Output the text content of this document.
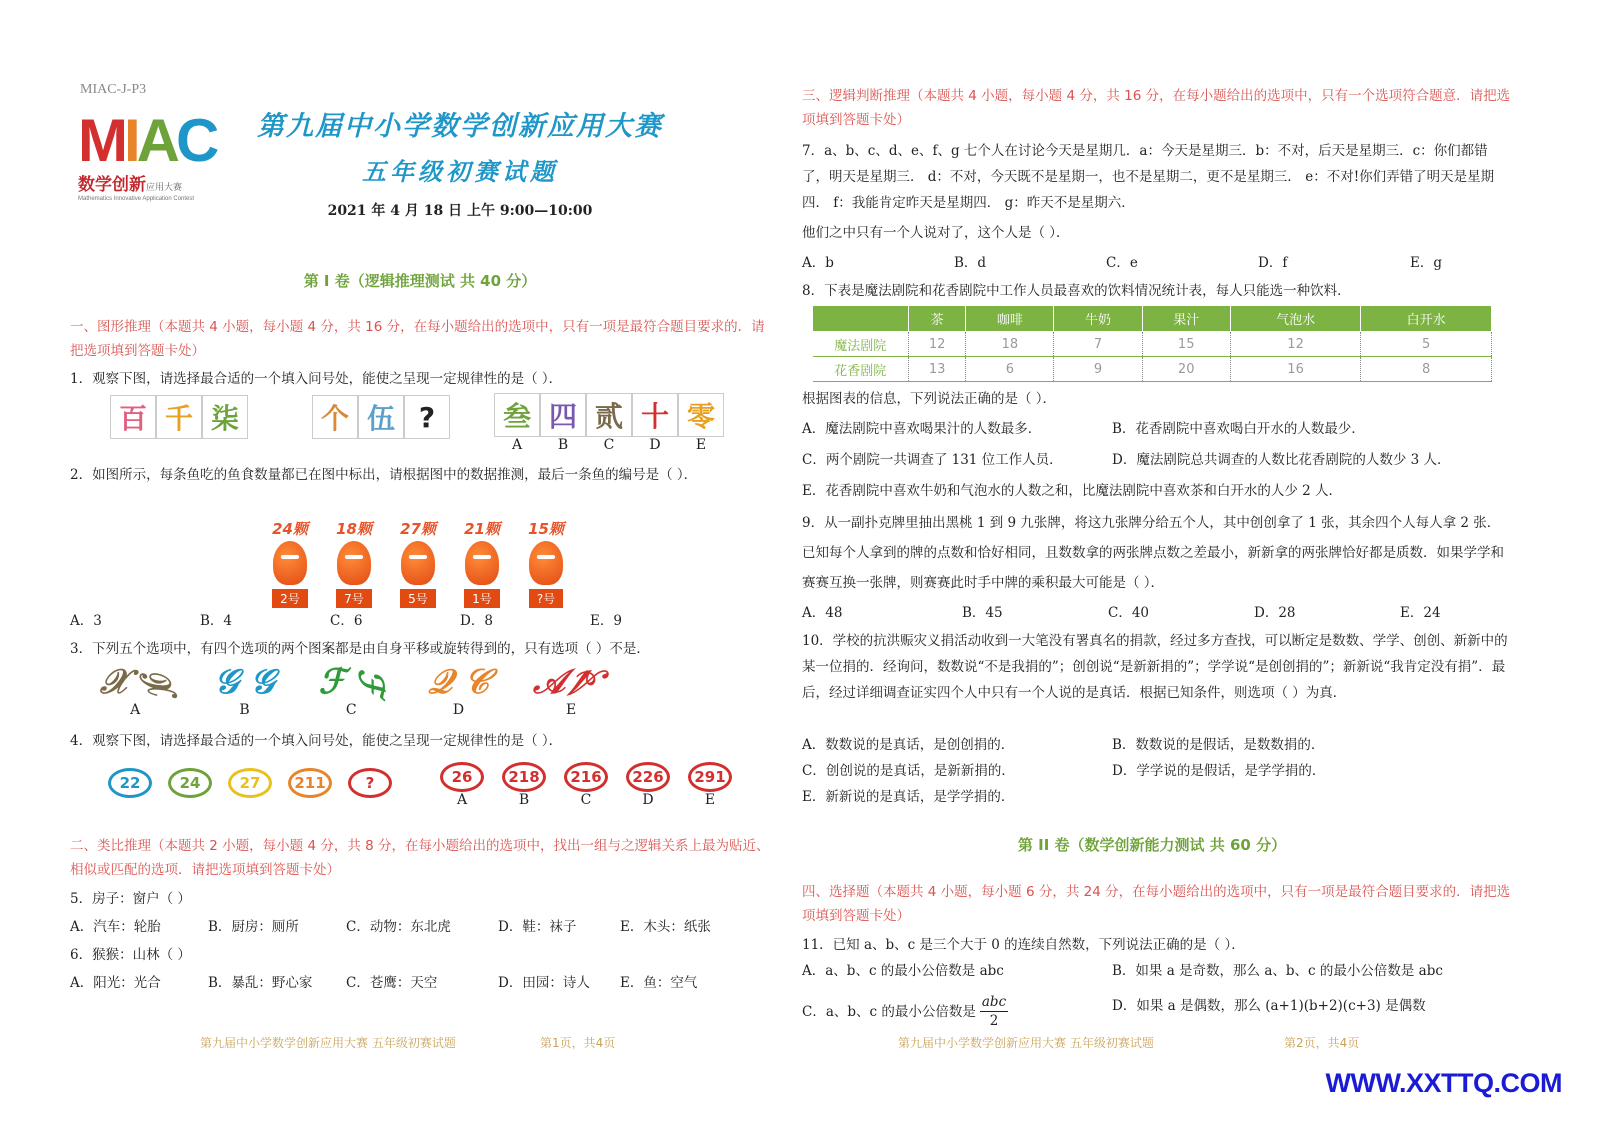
MIAC-J-P3
MIAC
数学创新应用大赛
Mathematics Innovative Application Contest
第九届中小学数学创新应用大赛
五年级初赛试题
2021 年 4 月 18 日 上午 9:00—10:00
第 I 卷（逻辑推理测试 共 40 分）
一、图形推理（本题共 4 小题，每小题 4 分，共 16 分，在每小题给出的选项中，只有一项是最符合题目要求的．请把选项填到答题卡处）
1．观察下图，请选择最合适的一个填入问号处，能使之呈现一定规律性的是（ ）．
百 千 柒	个 伍 ?	叁
A
四
B
贰
C
十
D
零
E
2．如图所示，每条鱼吃的鱼食数量都已在图中标出，请根据图中的数据推测，最后一条鱼的编号是（ ）．
24颗
2号
18颗
7号
27颗
5号
21颗
1号
15颗
?号
A．3	B．4	C．6	D．8	E．9
3．下列五个选项中，有四个选项的两个图案都是由自身平移或旋转得到的，只有选项（ ）不是．
𝒳 𝒳
A
𝒢 𝒢
B
ℱ ℱ
C
𝒬 𝒞
D
𝒜 𝒜
E
4．观察下图，请选择最合适的一个填入问号处，能使之呈现一定规律性的是（ ）．
22	24	27	211	?	26
A
218
B
216
C
226
D
291
E
二、类比推理（本题共 2 小题，每小题 4 分，共 8 分，在每小题给出的选项中，找出一组与之逻辑关系上最为贴近、相似或匹配的选项．请把选项填到答题卡处）
5．房子：窗户（ ）
A．汽车：轮胎	B．厨房：厕所	C．动物：东北虎	D．鞋：袜子	E．木头：纸张
6．猴猴：山林（ ）
A．阳光：光合	B．暴乱：野心家	C．苍鹰：天空	D．田园：诗人	E．鱼：空气
第九届中小学数学创新应用大赛 五年级初赛试题	第1页，共4页
三、逻辑判断推理（本题共 4 小题，每小题 4 分，共 16 分，在每小题给出的选项中，只有一个选项符合题意．请把选项填到答题卡处）
7．a、b、c、d、e、f、g 七个人在讨论今天是星期几．a：今天是星期三．b：不对，后天是星期三．c：你们都错了，明天是星期三． d：不对，今天既不是星期一，也不是星期二，更不是星期三． e：不对!你们弄错了明天是星期四． f：我能肯定昨天是星期四． g：昨天不是星期六．
他们之中只有一个人说对了，这个人是（ ）．
A．b	B．d	C．e	D．f	E．g
8．下表是魔法剧院和花香剧院中工作人员最喜欢的饮料情况统计表，每人只能选一种饮料．
	茶	咖啡	牛奶	果汁	气泡水	白开水
魔法剧院	12	18	7	15	12	5
花香剧院	13	6	9	20	16	8
根据图表的信息，下列说法正确的是（ ）．
A．魔法剧院中喜欢喝果汁的人数最多．	B．花香剧院中喜欢喝白开水的人数最少．
C．两个剧院一共调查了 131 位工作人员．	D．魔法剧院总共调查的人数比花香剧院的人数少 3 人．
E．花香剧院中喜欢牛奶和气泡水的人数之和，比魔法剧院中喜欢茶和白开水的人少 2 人．
9．从一副扑克牌里抽出黑桃 1 到 9 九张牌，将这九张牌分给五个人，其中创创拿了 1 张，其余四个人每人拿 2 张．已知每个人拿到的牌的点数和恰好相同，且数数拿的两张牌点数之差最小，新新拿的两张牌恰好都是质数．如果学学和赛赛互换一张牌，则赛赛此时手中牌的乘积最大可能是（ ）．
A．48	B．45	C．40	D．28	E．24
10．学校的抗洪赈灾义捐活动收到一大笔没有署真名的捐款，经过多方查找，可以断定是数数、学学、创创、新新中的某一位捐的．经询问，数数说“不是我捐的”；创创说“是新新捐的”；学学说“是创创捐的”；新新说“我肯定没有捐”．最后，经过详细调查证实四个人中只有一个人说的是真话．根据已知条件，则选项（ ）为真．
A．数数说的是真话，是创创捐的．	B．数数说的是假话，是数数捐的．
C．创创说的是真话，是新新捐的．	D．学学说的是假话，是学学捐的．
E．新新说的是真话，是学学捐的．
第 II 卷（数学创新能力测试 共 60 分）
四、选择题（本题共 4 小题，每小题 6 分，共 24 分，在每小题给出的选项中，只有一项是最符合题目要求的．请把选项填到答题卡处）
11．已知 a、b、c 是三个大于 0 的连续自然数，下列说法正确的是（ ）．
A．a、b、c 的最小公倍数是 abc	B．如果 a 是奇数，那么 a、b、c 的最小公倍数是 abc
C．a、b、c 的最小公倍数是
abc
2
D．如果 a 是偶数，那么 (a+1)(b+2)(c+3) 是偶数
第九届中小学数学创新应用大赛 五年级初赛试题	第2页，共4页
WWW.XXTTQ.COM
